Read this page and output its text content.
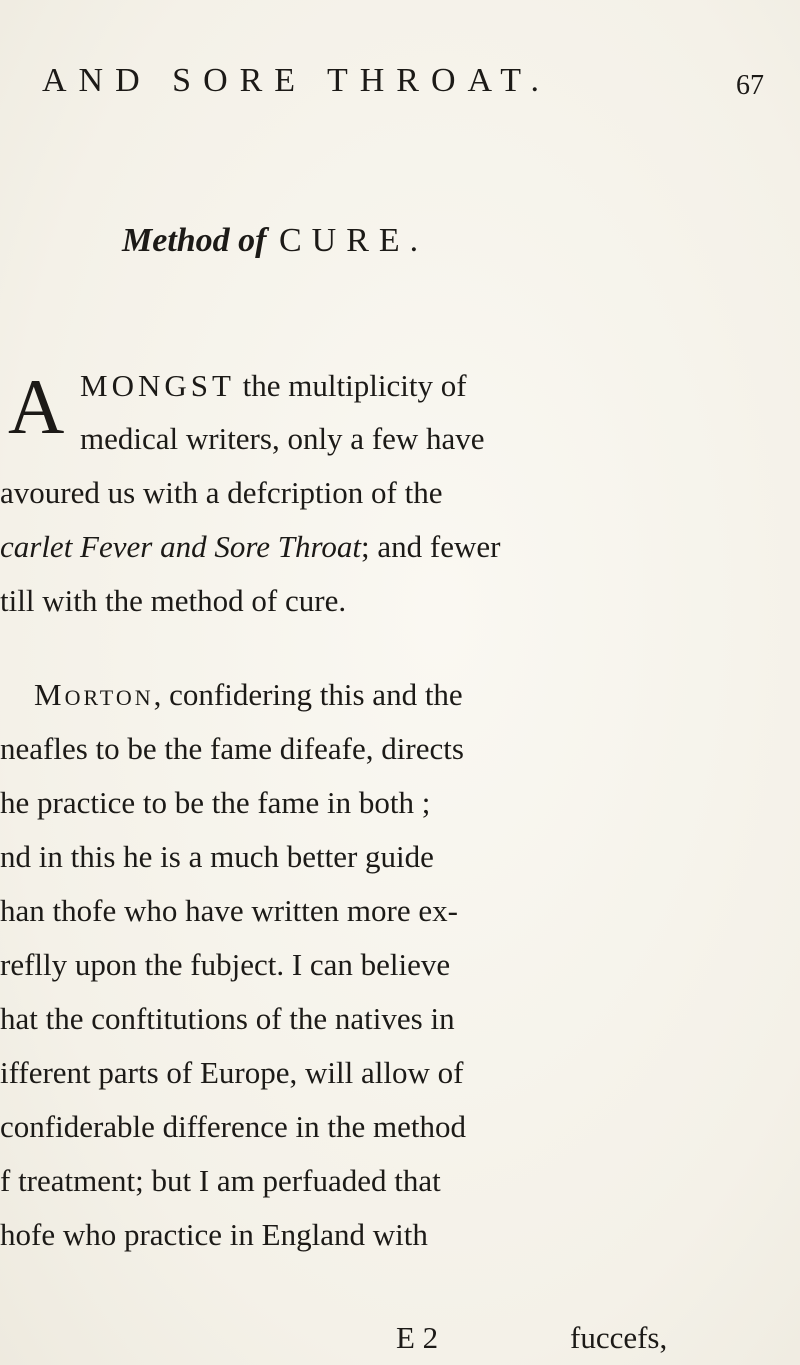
AND SORE THROAT.	67
Method of CURE.
A MONGST the multiplicity of
medical writers, only a few have
avoured us with a defcription of the
carlet Fever and Sore Throat; and fewer
till with the method of cure.
Morton, confidering this and the
neafles to be the fame difeafe, directs
he practice to be the fame in both ;
nd in this he is a much better guide
han thofe who have written more ex-
reflly upon the fubject. I can believe
hat the conftitutions of the natives in
ifferent parts of Europe, will allow of
confiderable difference in the method
f treatment; but I am perfuaded that
hofe who practice in England with
E 2	fuccefs,
